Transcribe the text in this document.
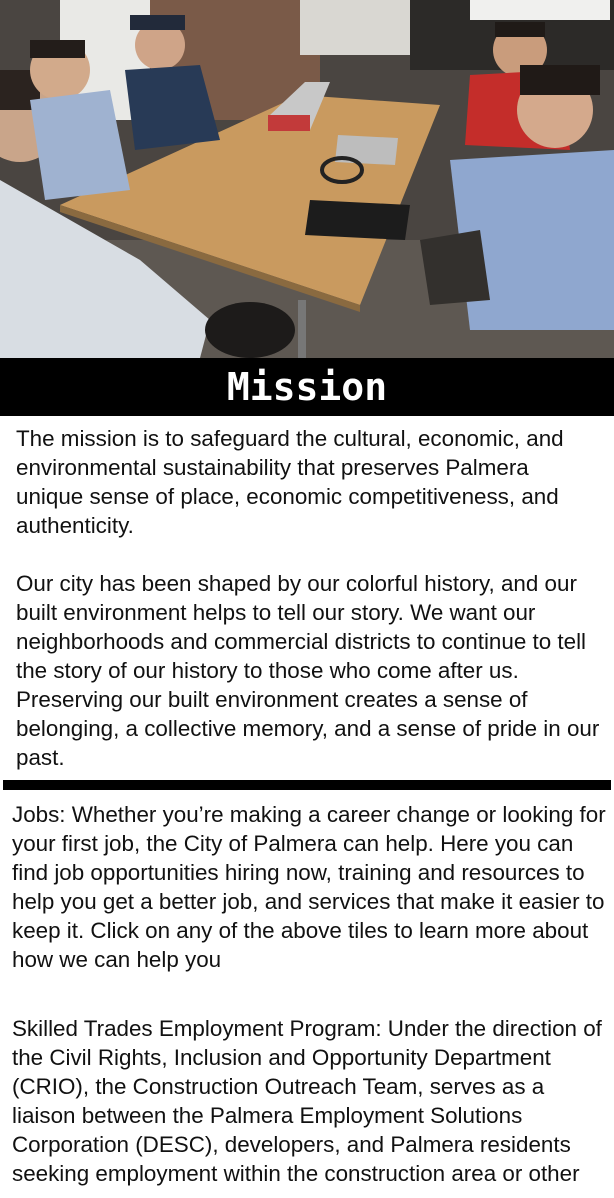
Mission

The mission is to safeguard the cultural, economic, and environmental sustainability that preserves Palmera unique sense of place, economic competitiveness, and authenticity.

Our city has been shaped by our colorful history, and our built environment helps to tell our story. We want our neighborhoods and commercial districts to continue to tell the story of our history to those who come after us. Preserving our built environment creates a sense of belonging, a collective memory, and a sense of pride in our past.

Jobs: Whether you’re making a career change or looking for your first job, the City of Palmera can help. Here you can find job opportunities hiring now, training and resources to help you get a better job, and services that make it easier to keep it. Click on any of the above tiles to learn more about how we can help you

Skilled Trades Employment Program: Under the direction of the Civil Rights, Inclusion and Opportunity Department (CRIO), the Construction Outreach Team, serves as a liaison between the Palmera Employment Solutions Corporation (DESC), developers, and Palmera residents seeking employment within the construction area or other
